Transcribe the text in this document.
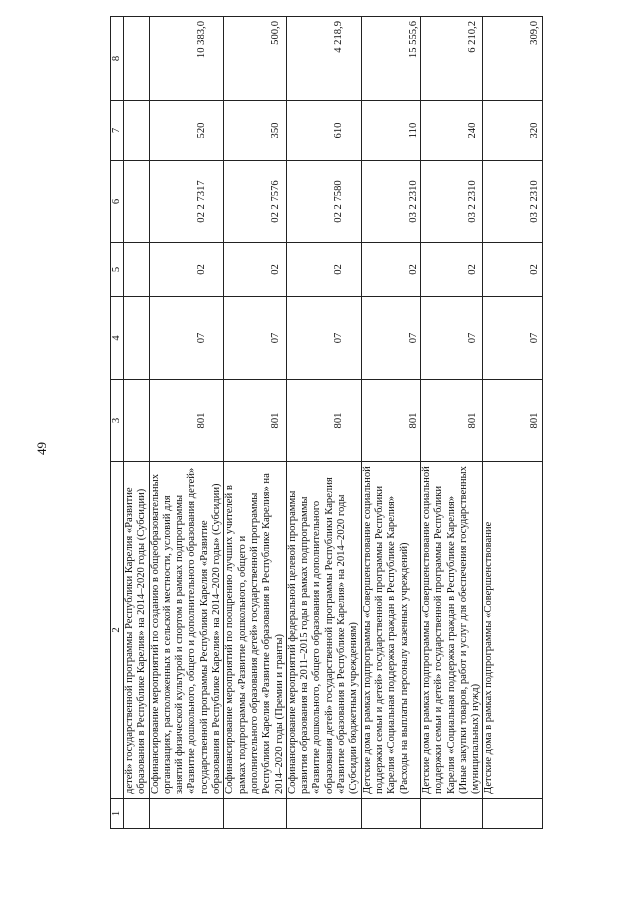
49
1	2	3	4	5	6	7	8
	детей» государственной программы Республики Карелия «Развитие образования в Республике Карелия» на 2014–2020 годы (Субсидии)						
	Софинансирование мероприятий по созданию в общеобразовательных организациях, расположенных в сельской местности, условий для занятий физической культурой и спортом в рамках подпрограммы «Развитие дошкольного, общего и дополнительного образования детей» государственной программы Республики Карелия «Развитие образования в Республике Карелия» на 2014–2020 годы» (Субсидии)	801	07	02	02 2 7317	520	10 383,0
	Софинансирование мероприятий по поощрению лучших учителей в рамках подпрограммы «Развитие дошкольного, общего и дополнительного образования детей» государственной программы Республики Карелия «Развитие образования в Республике Карелия» на 2014–2020 годы (Премии и гранты)	801	07	02	02 2 7576	350	500,0
	Софинансирование мероприятий федеральной целевой программы развития образования на 2011–2015 годы в рамках подпрограммы «Развитие дошкольного, общего образования и дополнительного образования детей» государственной программы Республики Карелия «Развитие образования в Республике Карелия» на 2014–2020 годы (Субсидии бюджетным учреждениям)	801	07	02	02 2 7580	610	4 218,9
	Детские дома в рамках подпрограммы «Совершенствование социальной поддержки семьи и детей» государственной программы Республики Карелия «Социальная поддержка граждан в Республике Карелия» (Расходы на выплаты персоналу казенных учреждений)	801	07	02	03 2 2310	110	15 555,6
	Детские дома в рамках подпрограммы «Совершенствование социальной поддержки семьи и детей» государственной программы Республики Карелия «Социальная поддержка граждан в Республике Карелия» (Иные закупки товаров, работ и услуг для обеспечения государственных (муниципальных) нужд)	801	07	02	03 2 2310	240	6 210,2
	Детские дома в рамках подпрограммы «Совершенствование	801	07	02	03 2 2310	320	309,0
